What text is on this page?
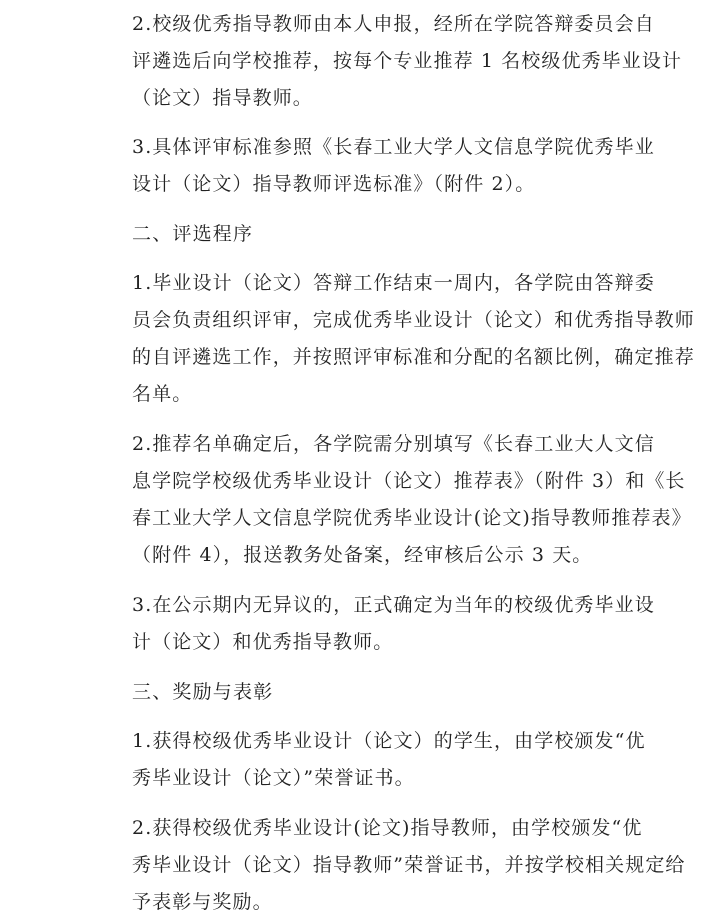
2.校级优秀指导教师由本人申报，经所在学院答辩委员会自
评遴选后向学校推荐，按每个专业推荐 1 名校级优秀毕业设计
（论文）指导教师。

3.具体评审标准参照《长春工业大学人文信息学院优秀毕业
设计（论文）指导教师评选标准》（附件 2）。

二、评选程序

1.毕业设计（论文）答辩工作结束一周内，各学院由答辩委
员会负责组织评审，完成优秀毕业设计（论文）和优秀指导教师
的自评遴选工作，并按照评审标准和分配的名额比例，确定推荐
名单。

2.推荐名单确定后，各学院需分别填写《长春工业大人文信
息学院学校级优秀毕业设计（论文）推荐表》（附件 3）和《长
春工业大学人文信息学院优秀毕业设计(论文)指导教师推荐表》
（附件 4），报送教务处备案，经审核后公示 3 天。

3.在公示期内无异议的，正式确定为当年的校级优秀毕业设
计（论文）和优秀指导教师。

三、奖励与表彰

1.获得校级优秀毕业设计（论文）的学生，由学校颁发“优
秀毕业设计（论文）”荣誉证书。

2.获得校级优秀毕业设计(论文)指导教师，由学校颁发“优
秀毕业设计（论文）指导教师”荣誉证书，并按学校相关规定给
予表彰与奖励。
